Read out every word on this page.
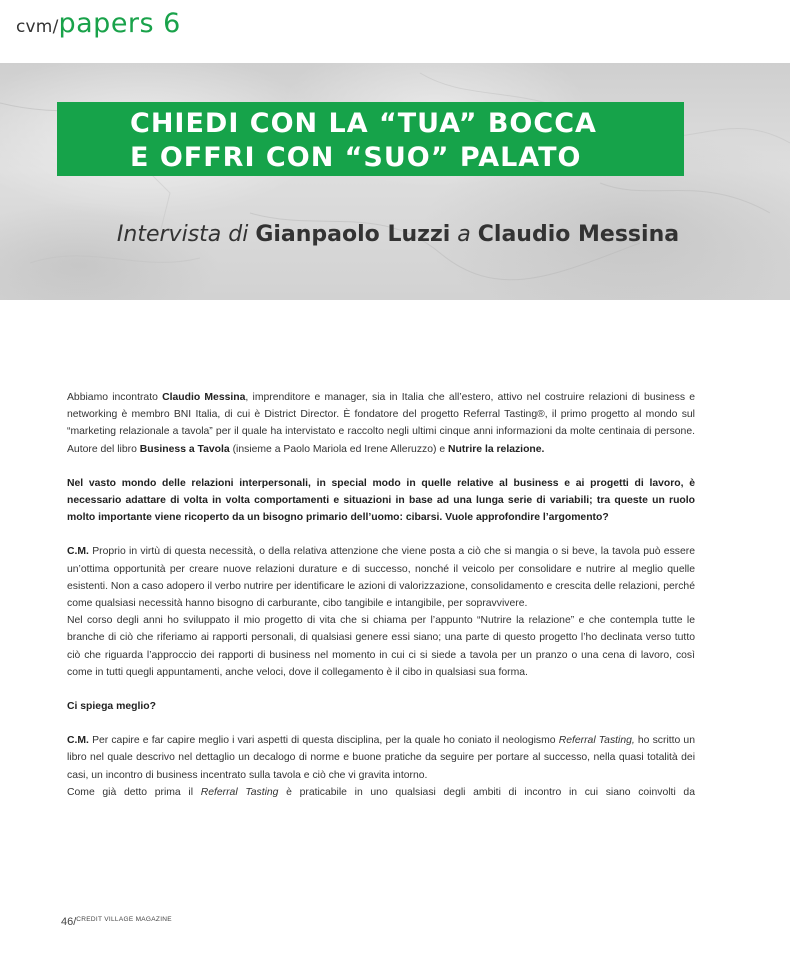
cvm/papers 6
CHIEDI CON LA “TUA” BOCCA
E OFFRI CON “SUO” PALATO
Intervista di Gianpaolo Luzzi a Claudio Messina

Abbiamo incontrato Claudio Messina, imprenditore e manager, sia in Italia che all’estero, attivo nel costruire relazioni di business e networking è membro BNI Italia, di cui è District Director. È fondatore del progetto Referral Tasting®, il primo progetto al mondo sul “marketing relazionale a tavola” per il quale ha intervistato e raccolto negli ultimi cinque anni informazioni da molte centinaia di persone. Autore del libro Business a Tavola (insieme a Paolo Mariola ed Irene Alleruzzo) e Nutrire la relazione.

Nel vasto mondo delle relazioni interpersonali, in special modo in quelle relative al business e ai progetti di lavoro, è necessario adattare di volta in volta comportamenti e situazioni in base ad una lunga serie di variabili; tra queste un ruolo molto importante viene ricoperto da un bisogno primario dell’uomo: cibarsi. Vuole approfondire l’argomento?

C.M. Proprio in virtù di questa necessità, o della relativa attenzione che viene posta a ciò che si mangia o si beve, la tavola può essere un’ottima opportunità per creare nuove relazioni durature e di successo, nonché il veicolo per consolidare e nutrire al meglio quelle esistenti. Non a caso adopero il verbo nutrire per identificare le azioni di valorizzazione, consolidamento e crescita delle relazioni, perché come qualsiasi necessità hanno bisogno di carburante, cibo tangibile e intangibile, per sopravvivere.

Nel corso degli anni ho sviluppato il mio progetto di vita che si chiama per l’appunto “Nutrire la relazione” e che contempla tutte le branche di ciò che riferiamo ai rapporti personali, di qualsiasi genere essi siano; una parte di questo progetto l’ho declinata verso tutto ciò che riguarda l’approccio dei rapporti di business nel momento in cui ci si siede a tavola per un pranzo o una cena di lavoro, così come in tutti quegli appuntamenti, anche veloci, dove il collegamento è il cibo in qualsiasi sua forma.

Ci spiega meglio?

C.M. Per capire e far capire meglio i vari aspetti di questa disciplina, per la quale ho coniato il neologismo Referral Tasting, ho scritto un libro nel quale descrivo nel dettaglio un decalogo di norme e buone pratiche da seguire per portare al successo, nella quasi totalità dei casi, un incontro di business incentrato sulla tavola e ciò che vi gravita intorno.

Come già detto prima il Referral Tasting è praticabile in uno qualsiasi degli ambiti di incontro in cui siano coinvolti da

46/$^{CREDIT VILLAGE MAGAZINE}$
